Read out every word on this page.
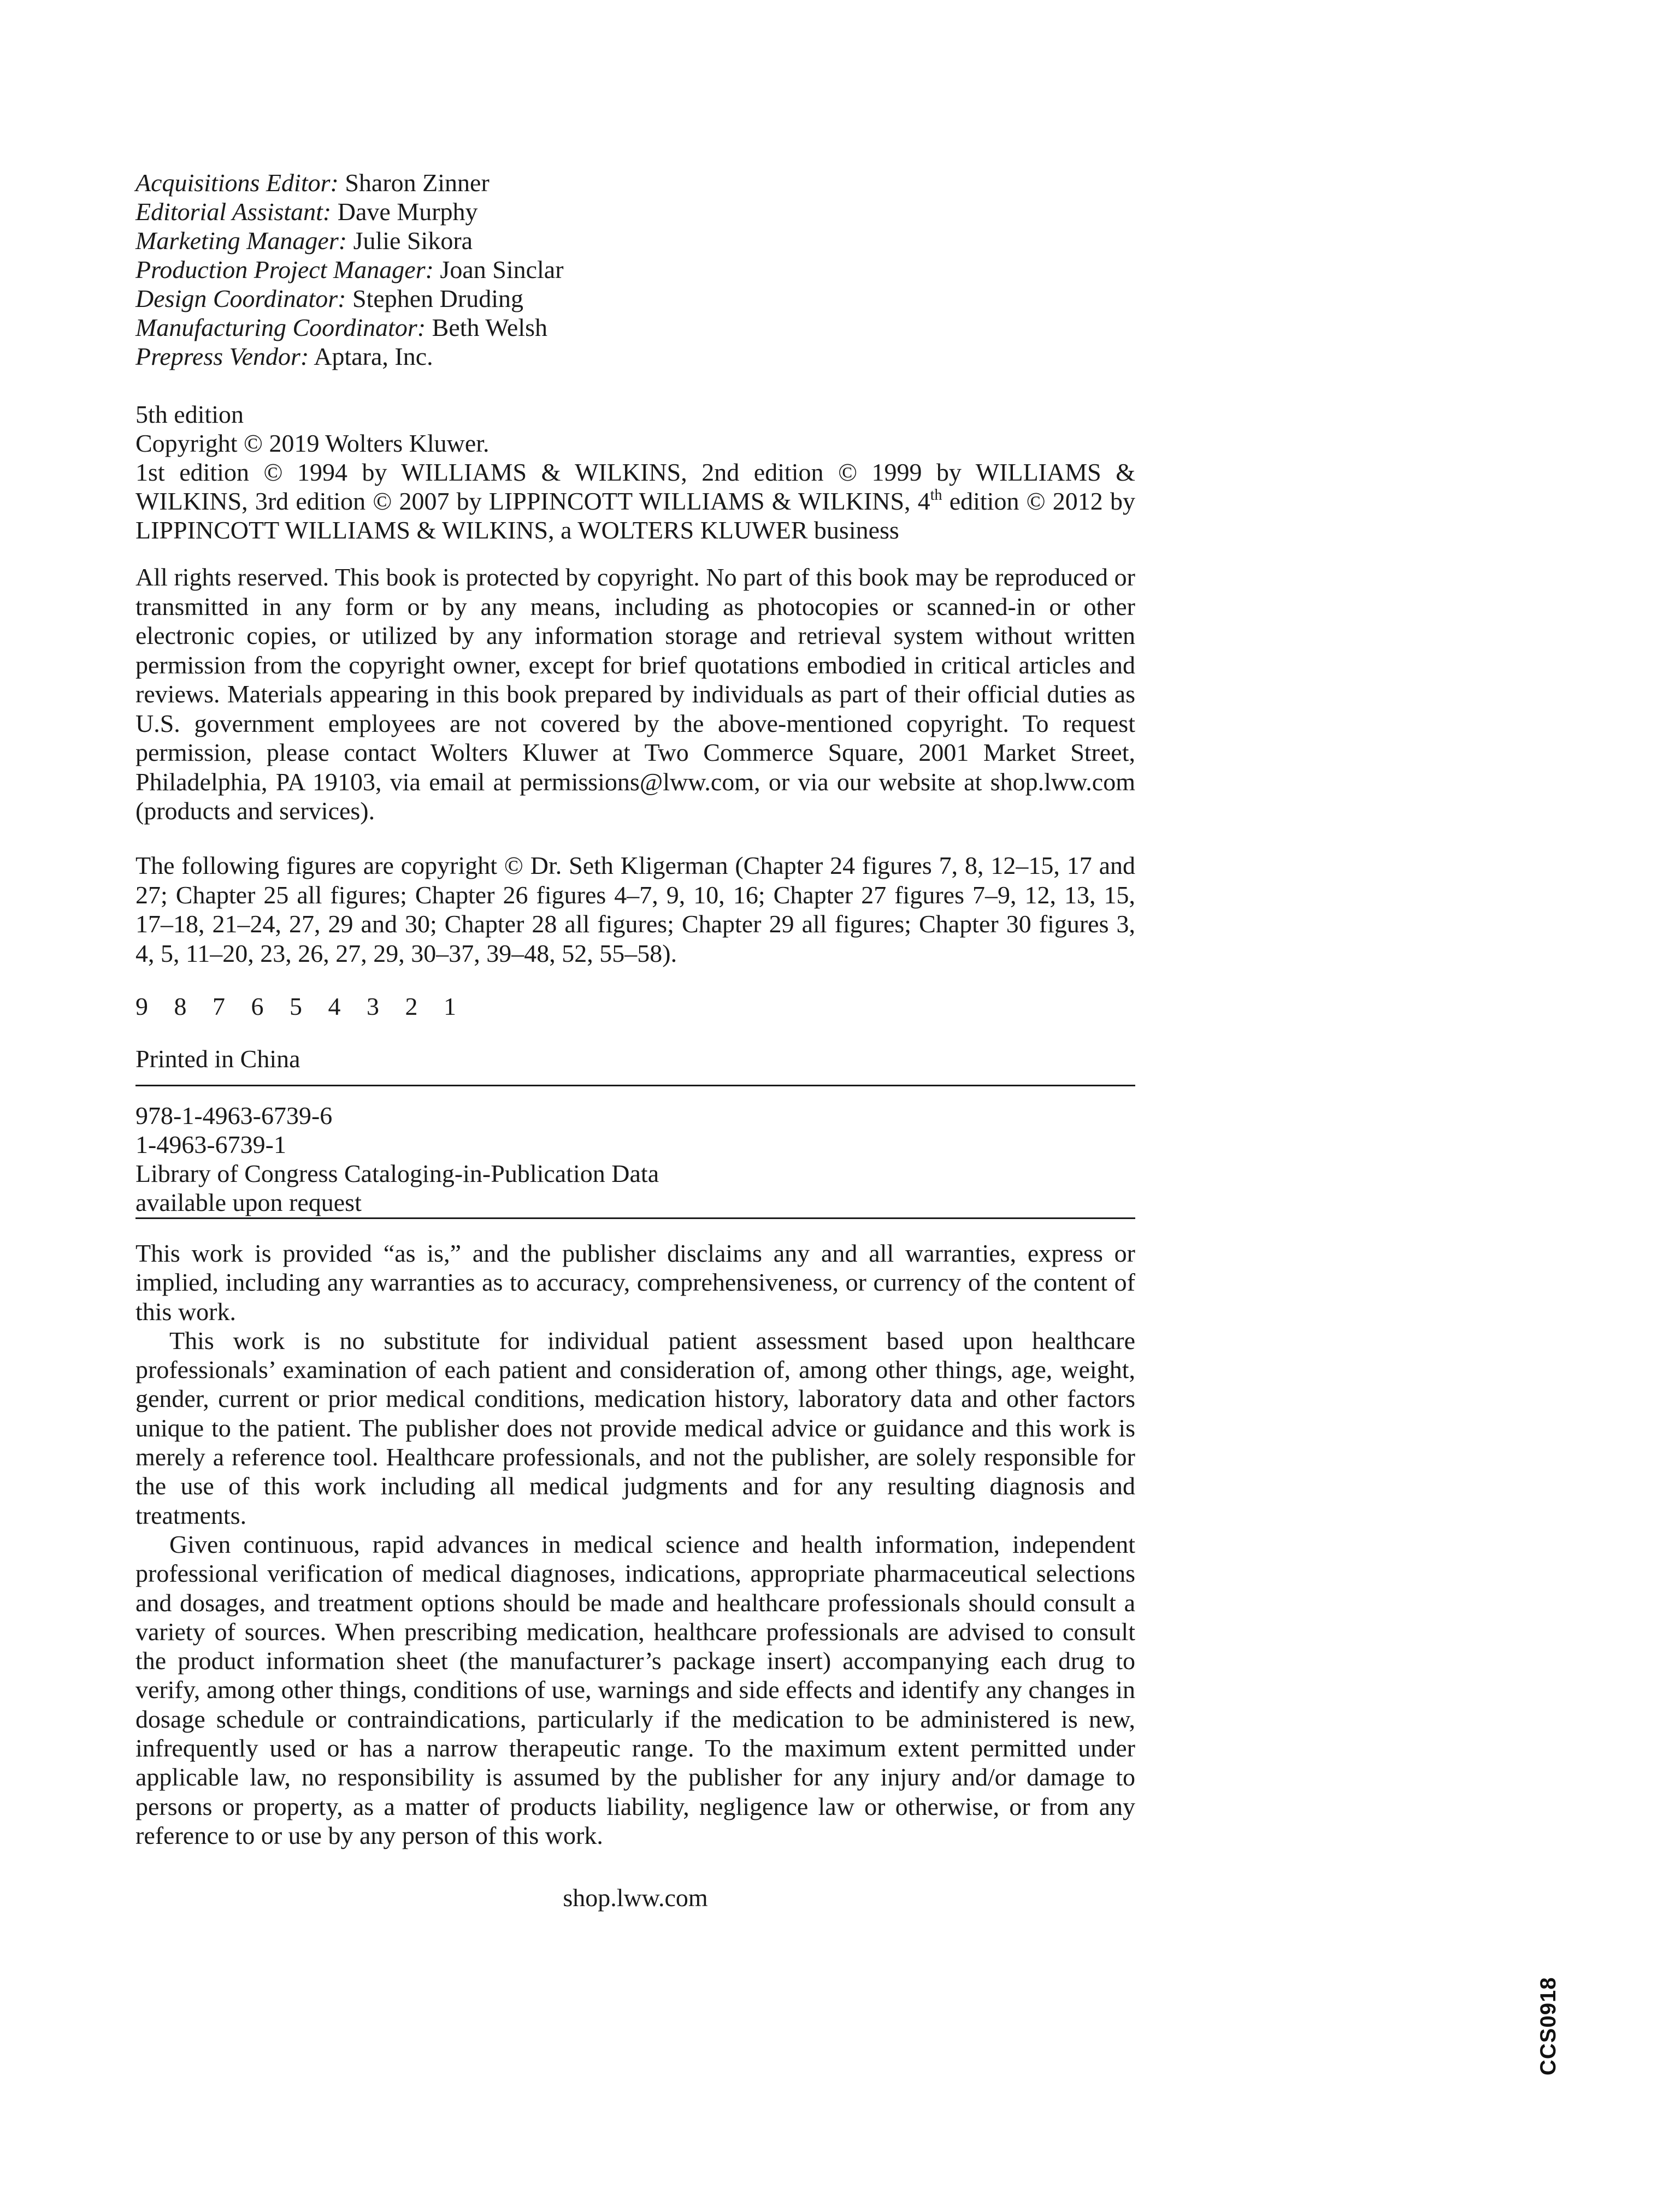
Acquisitions Editor: Sharon Zinner
Editorial Assistant: Dave Murphy
Marketing Manager: Julie Sikora
Production Project Manager: Joan Sinclar
Design Coordinator: Stephen Druding
Manufacturing Coordinator: Beth Welsh
Prepress Vendor: Aptara, Inc.
5th edition
Copyright © 2019 Wolters Kluwer.
1st edition © 1994 by WILLIAMS & WILKINS, 2nd edition © 1999 by WILLIAMS & WILKINS, 3rd edition © 2007 by LIPPINCOTT WILLIAMS & WILKINS, 4th edition © 2012 by LIPPINCOTT WILLIAMS & WILKINS, a WOLTERS KLUWER business
All rights reserved. This book is protected by copyright. No part of this book may be reproduced or transmitted in any form or by any means, including as photocopies or scanned-in or other electronic copies, or utilized by any information storage and retrieval system without written permission from the copyright owner, except for brief quotations embodied in critical articles and reviews. Materials appearing in this book prepared by individuals as part of their official duties as U.S. government employees are not covered by the above-mentioned copyright. To request permission, please contact Wolters Kluwer at Two Commerce Square, 2001 Market Street, Philadelphia, PA 19103, via email at permissions@lww.com, or via our website at shop.lww.com (products and services).
The following figures are copyright © Dr. Seth Kligerman (Chapter 24 figures 7, 8, 12–15, 17 and 27; Chapter 25 all figures; Chapter 26 figures 4–7, 9, 10, 16; Chapter 27 figures 7–9, 12, 13, 15, 17–18, 21–24, 27, 29 and 30; Chapter 28 all figures; Chapter 29 all figures; Chapter 30 figures 3, 4, 5, 11–20, 23, 26, 27, 29, 30–37, 39–48, 52, 55–58).
9 8 7 6 5 4 3 2 1
Printed in China
978-1-4963-6739-6
1-4963-6739-1
Library of Congress Cataloging-in-Publication Data
available upon request

This work is provided “as is,” and the publisher disclaims any and all warranties, express or implied, including any warranties as to accuracy, comprehensiveness, or currency of the content of this work.

This work is no substitute for individual patient assessment based upon healthcare professionals’ examination of each patient and consideration of, among other things, age, weight, gender, current or prior medical conditions, medication history, laboratory data and other factors unique to the patient. The publisher does not provide medical advice or guidance and this work is merely a reference tool. Healthcare professionals, and not the publisher, are solely responsible for the use of this work including all medical judgments and for any resulting diagnosis and treatments.

Given continuous, rapid advances in medical science and health information, independent professional verification of medical diagnoses, indications, appropriate pharmaceutical selections and dosages, and treatment options should be made and healthcare professionals should consult a variety of sources. When prescribing medication, healthcare professionals are advised to consult the product information sheet (the manufacturer’s package insert) accompanying each drug to verify, among other things, conditions of use, warnings and side effects and identify any changes in dosage schedule or contraindications, particularly if the medication to be administered is new, infrequently used or has a narrow therapeutic range. To the maximum extent permitted under applicable law, no responsibility is assumed by the publisher for any injury and/or damage to persons or property, as a matter of products liability, negligence law or otherwise, or from any reference to or use by any person of this work.

shop.lww.com
CCS0918
